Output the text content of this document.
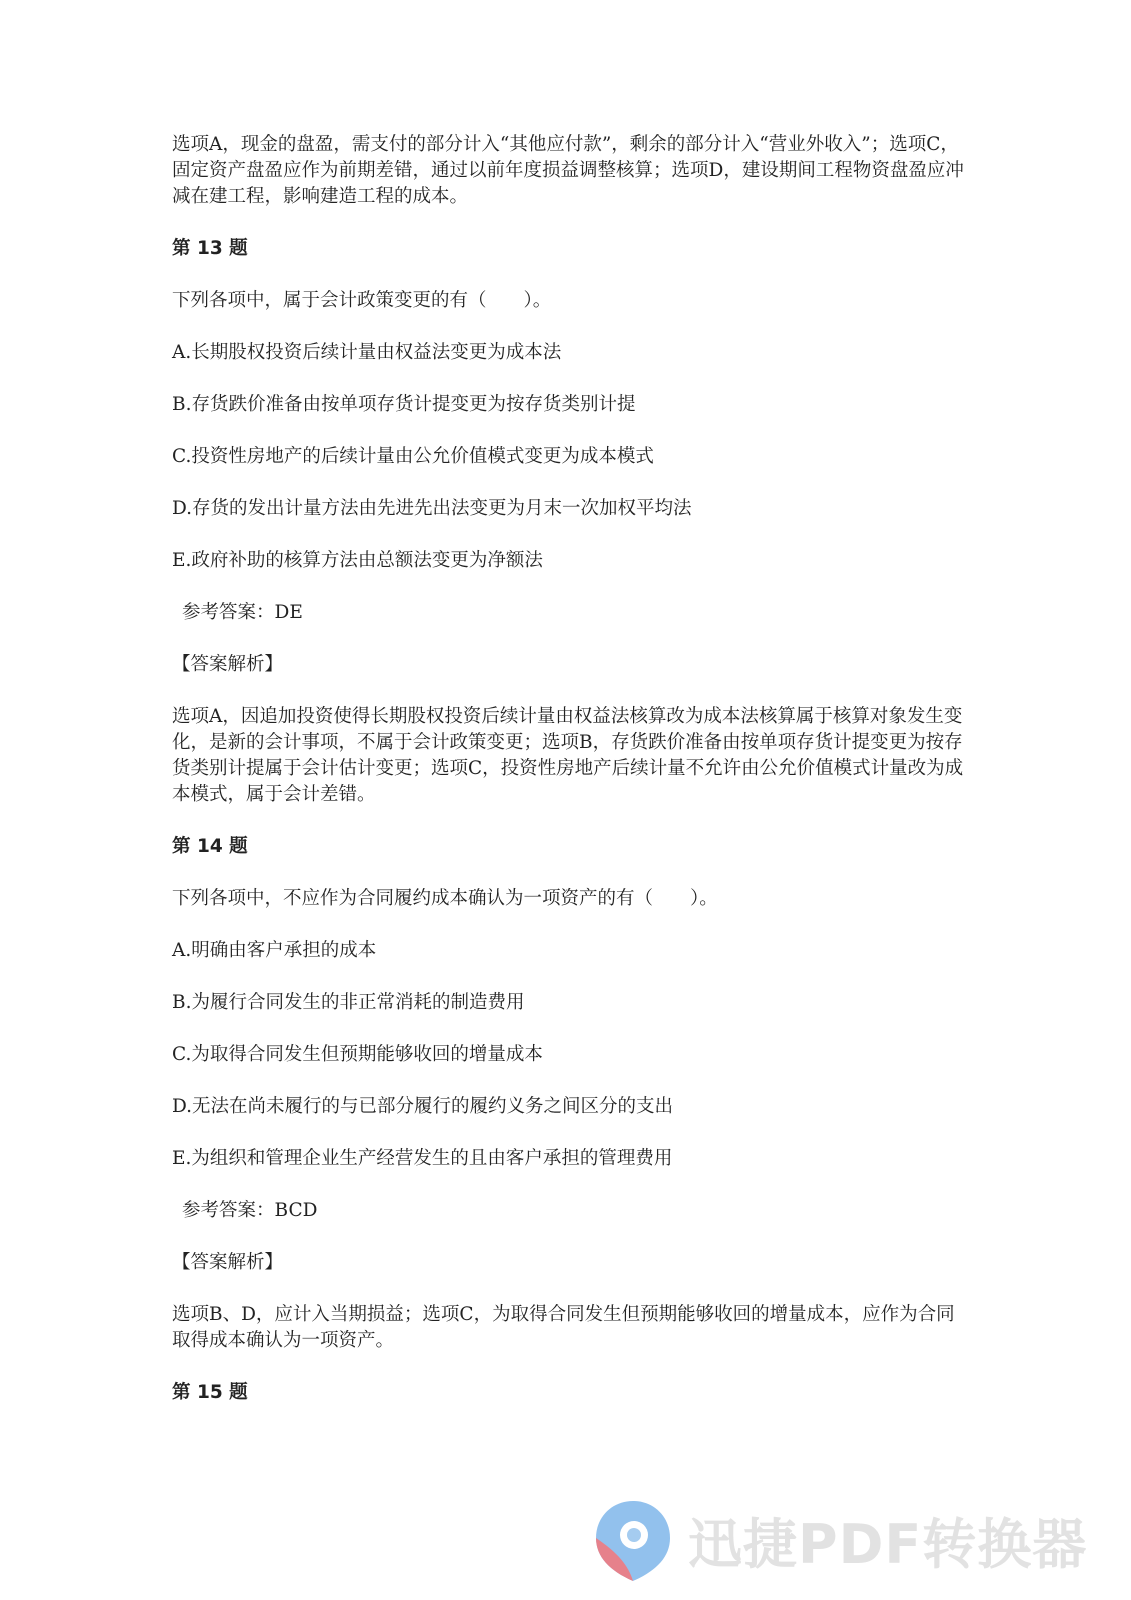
选项A，现金的盘盈，需支付的部分计入“其他应付款”，剩余的部分计入“营业外收入”；选项C，固定资产盘盈应作为前期差错，通过以前年度损益调整核算；选项D，建设期间工程物资盘盈应冲减在建工程，影响建造工程的成本。

第 13 题

下列各项中，属于会计政策变更的有（　　）。

A.长期股权投资后续计量由权益法变更为成本法

B.存货跌价准备由按单项存货计提变更为按存货类别计提

C.投资性房地产的后续计量由公允价值模式变更为成本模式

D.存货的发出计量方法由先进先出法变更为月末一次加权平均法

E.政府补助的核算方法由总额法变更为净额法

参考答案：DE

【答案解析】

选项A，因追加投资使得长期股权投资后续计量由权益法核算改为成本法核算属于核算对象发生变化，是新的会计事项，不属于会计政策变更；选项B，存货跌价准备由按单项存货计提变更为按存货类别计提属于会计估计变更；选项C，投资性房地产后续计量不允许由公允价值模式计量改为成本模式，属于会计差错。

第 14 题

下列各项中，不应作为合同履约成本确认为一项资产的有（　　）。

A.明确由客户承担的成本

B.为履行合同发生的非正常消耗的制造费用

C.为取得合同发生但预期能够收回的增量成本

D.无法在尚未履行的与已部分履行的履约义务之间区分的支出

E.为组织和管理企业生产经营发生的且由客户承担的管理费用

参考答案：BCD

【答案解析】

选项B、D，应计入当期损益；选项C，为取得合同发生但预期能够收回的增量成本，应作为合同取得成本确认为一项资产。

第 15 题

迅捷PDF转换器
